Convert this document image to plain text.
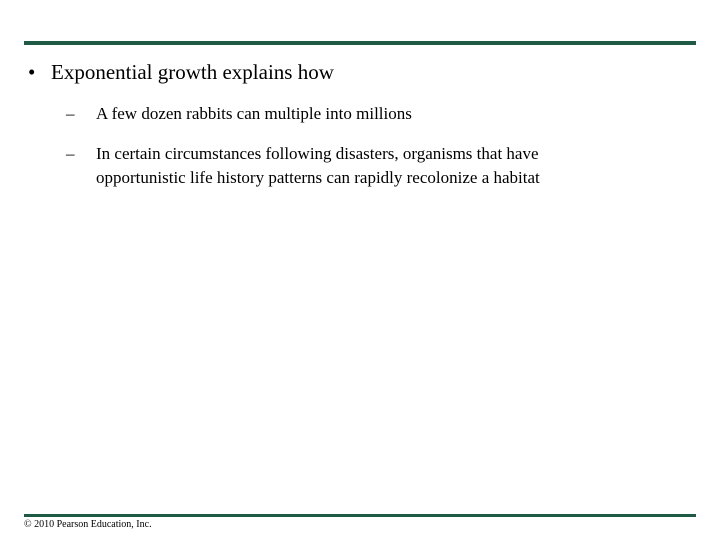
• Exponential growth explains how
– A few dozen rabbits can multiple into millions
– In certain circumstances following disasters, organisms that have
opportunistic life history patterns can rapidly recolonize a habitat
© 2010 Pearson Education, Inc.
